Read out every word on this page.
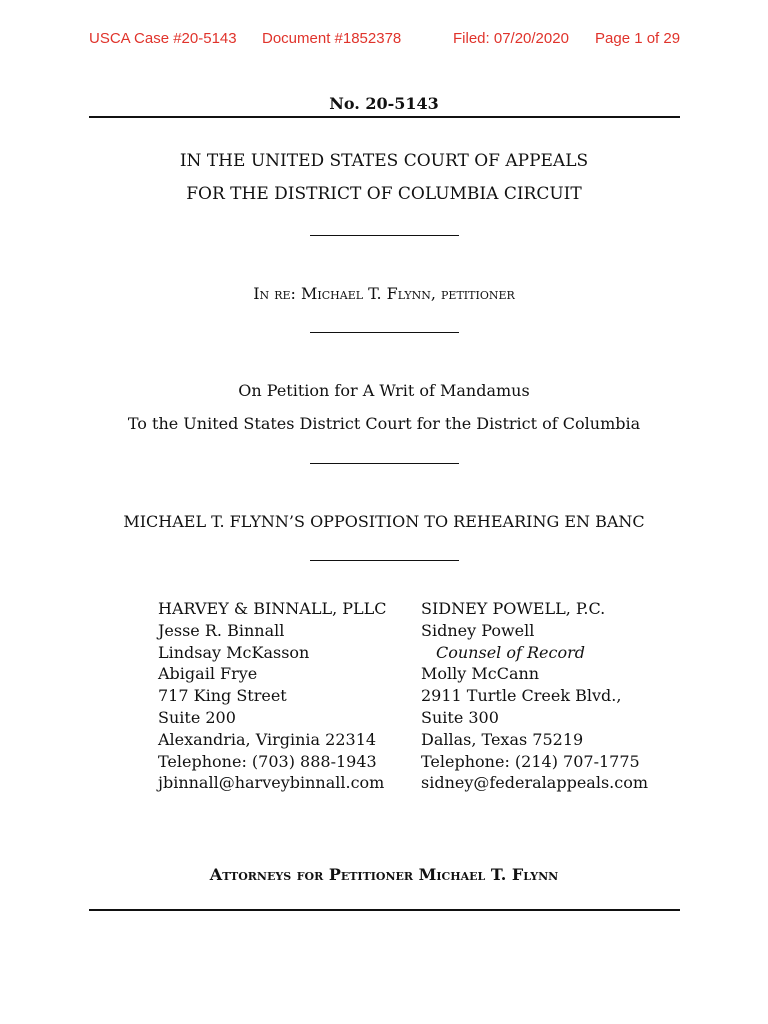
USCA Case #20-5143 Document #1852378	Filed: 07/20/2020 Page 1 of 29
No. 20-5143
IN THE UNITED STATES COURT OF APPEALS
FOR THE DISTRICT OF COLUMBIA CIRCUIT
In re: Michael T. Flynn, petitioner
On Petition for A Writ of Mandamus
To the United States District Court for the District of Columbia
MICHAEL T. FLYNN’S OPPOSITION TO REHEARING EN BANC
HARVEY & BINNALL, PLLC
Jesse R. Binnall
Lindsay McKasson
Abigail Frye
717 King Street
Suite 200
Alexandria, Virginia 22314
Telephone: (703) 888-1943
jbinnall@harveybinnall.com
SIDNEY POWELL, P.C.
Sidney Powell
Counsel of Record
Molly McCann
2911 Turtle Creek Blvd.,
Suite 300
Dallas, Texas 75219
Telephone: (214) 707-1775
sidney@federalappeals.com
Attorneys for Petitioner Michael T. Flynn
